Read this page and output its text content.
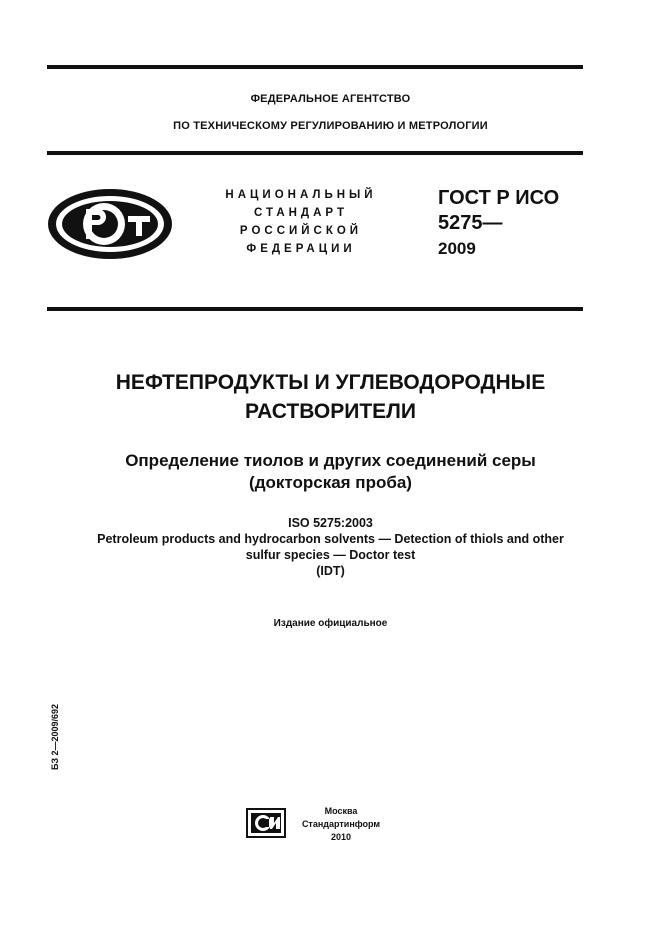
ФЕДЕРАЛЬНОЕ АГЕНТСТВО
ПО ТЕХНИЧЕСКОМУ РЕГУЛИРОВАНИЮ И МЕТРОЛОГИИ
НАЦИОНАЛЬНЫЙ
СТАНДАРТ
РОССИЙСКОЙ
ФЕДЕРАЦИИ
ГОСТ Р ИСО
5275—
2009
НЕФТЕПРОДУКТЫ И УГЛЕВОДОРОДНЫЕ
РАСТВОРИТЕЛИ
Определение тиолов и других соединений серы
(докторская проба)
ISO 5275:2003
Petroleum products and hydrocarbon solvents — Detection of thiols and other
sulfur species — Doctor test
(IDT)
Издание официальное
БЗ 2—2009/692
Москва
Стандартинформ
2010
